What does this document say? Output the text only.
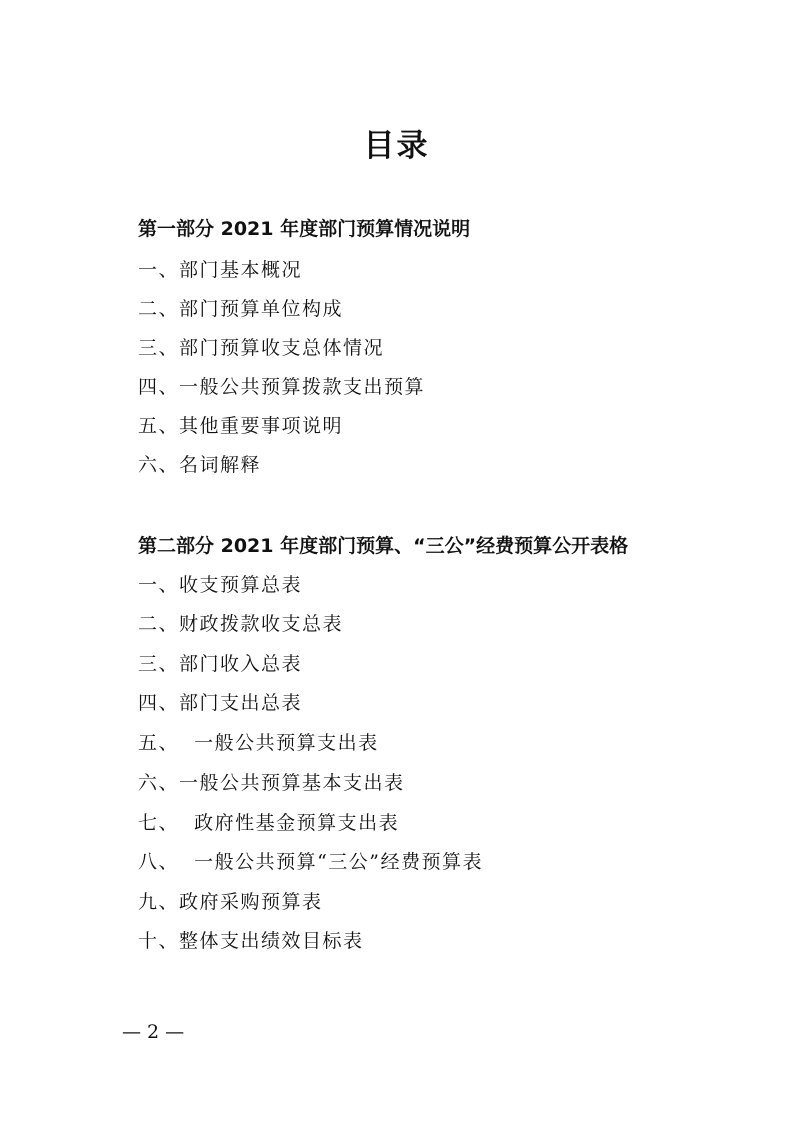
目录
第一部分 2021 年度部门预算情况说明
一、部门基本概况
二、部门预算单位构成
三、部门预算收支总体情况
四、一般公共预算拨款支出预算
五、其他重要事项说明
六、名词解释
第二部分 2021 年度部门预算、“三公”经费预算公开表格
一、收支预算总表
二、财政拨款收支总表
三、部门收入总表
四、部门支出总表
五、  一般公共预算支出表
六、一般公共预算基本支出表
七、  政府性基金预算支出表
八、  一般公共预算“三公”经费预算表
九、政府采购预算表
十、整体支出绩效目标表
— 2 —
